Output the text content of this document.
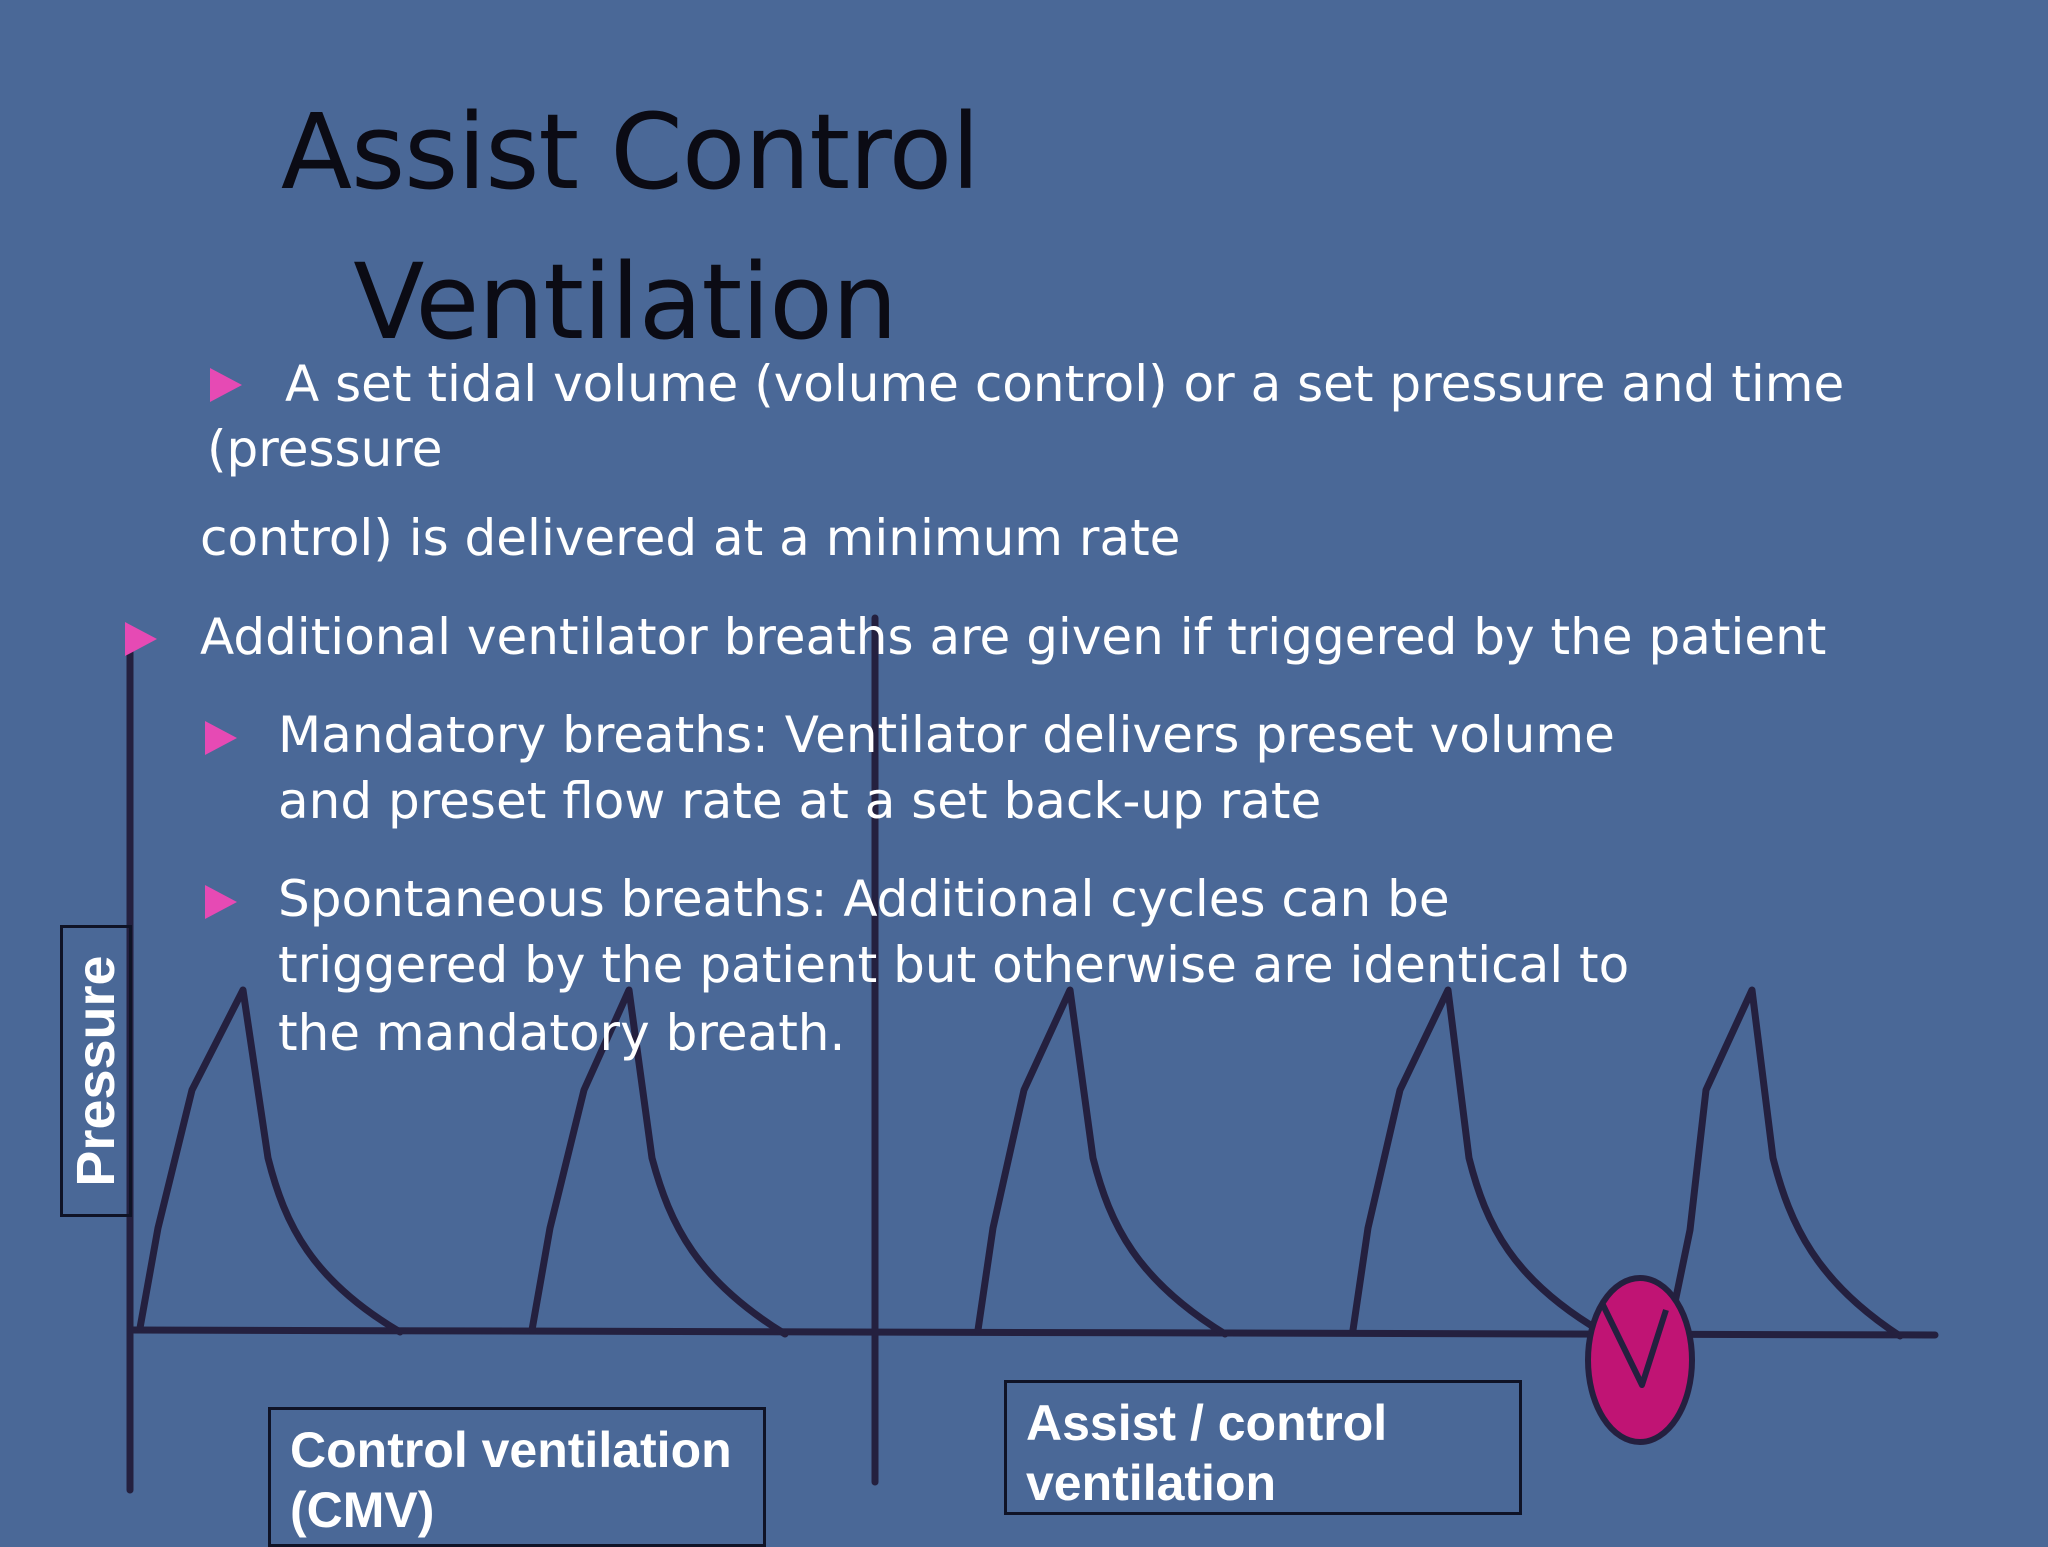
Assist Control
Ventilation
A set tidal volume (volume control) or a set pressure and time
(pressure
control) is delivered at a minimum rate
Additional ventilator breaths are given if triggered by the patient
Mandatory breaths: Ventilator delivers preset volume
and preset flow rate at a set back-up rate
Spontaneous breaths: Additional cycles can be
triggered by the patient but otherwise are identical to
the mandatory breath.
Pressure
Control ventilation
(CMV)
Assist / control
ventilation
